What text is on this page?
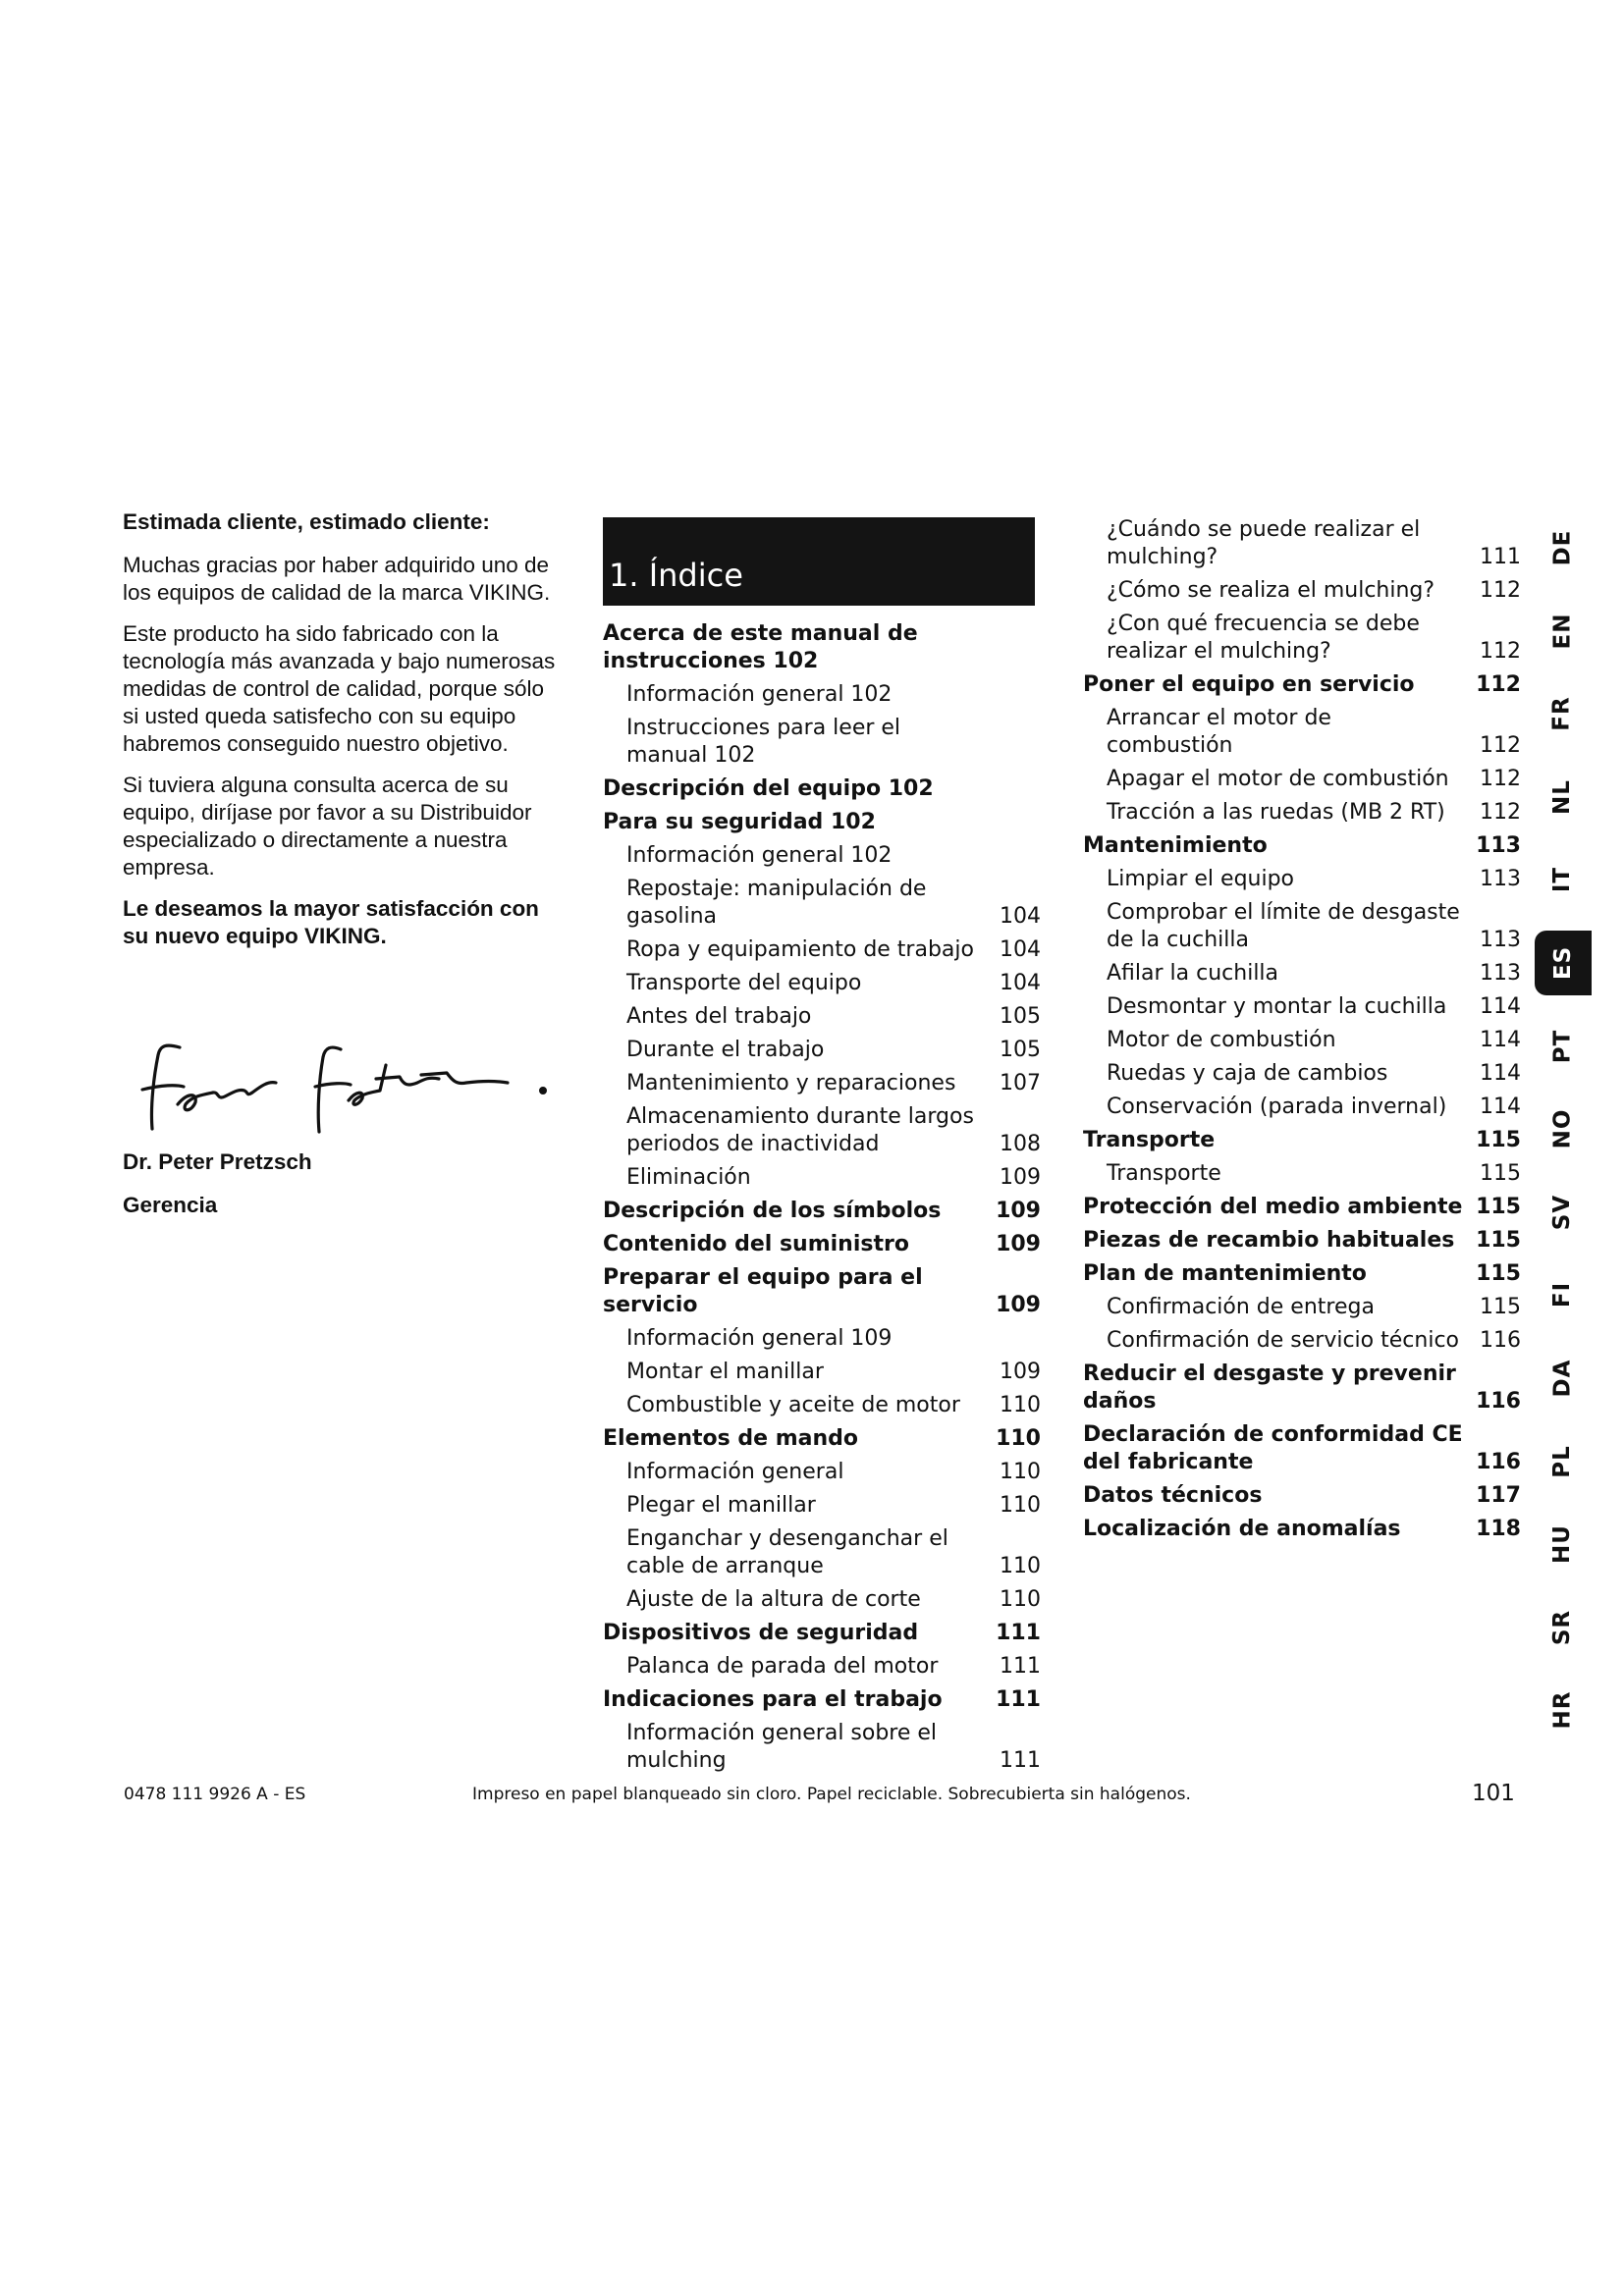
Estimada cliente, estimado cliente:

Muchas gracias por haber adquirido uno de los equipos de calidad de la marca VIKING.

Este producto ha sido fabricado con la tecnología más avanzada y bajo numerosas medidas de control de calidad, porque sólo si usted queda satisfecho con su equipo habremos conseguido nuestro objetivo.

Si tuviera alguna consulta acerca de su equipo, diríjase por favor a su Distribuidor especializado o directamente a nuestra empresa.

Le deseamos la mayor satisfacción con su nuevo equipo VIKING.

Dr. Peter Pretzsch
Gerencia
1. Índice
Acerca de este manual de instrucciones 102
Información general 102
Instrucciones para leer el manual 102
Descripción del equipo 102
Para su seguridad 102
Información general 102
Repostaje: manipulación de gasolina	104
Ropa y equipamiento de trabajo	104
Transporte del equipo	104
Antes del trabajo	105
Durante el trabajo	105
Mantenimiento y reparaciones	107
Almacenamiento durante largos periodos de inactividad	108
Eliminación	109
Descripción de los símbolos	109
Contenido del suministro	109
Preparar el equipo para el servicio	109
Información general 109
Montar el manillar	109
Combustible y aceite de motor	110
Elementos de mando	110
Información general	110
Plegar el manillar	110
Enganchar y desenganchar el cable de arranque	110
Ajuste de la altura de corte	110
Dispositivos de seguridad	111
Palanca de parada del motor	111
Indicaciones para el trabajo	111
Información general sobre el mulching	111
¿Cuándo se puede realizar el mulching?	111
¿Cómo se realiza el mulching?	112
¿Con qué frecuencia se debe realizar el mulching?	112
Poner el equipo en servicio	112
Arrancar el motor de combustión	112
Apagar el motor de combustión	112
Tracción a las ruedas (MB 2 RT)	112
Mantenimiento	113
Limpiar el equipo	113
Comprobar el límite de desgaste de la cuchilla	113
Afilar la cuchilla	113
Desmontar y montar la cuchilla	114
Motor de combustión	114
Ruedas y caja de cambios	114
Conservación (parada invernal)	114
Transporte	115
Transporte	115
Protección del medio ambiente 115
Piezas de recambio habituales 115
Plan de mantenimiento	115
Confirmación de entrega	115
Confirmación de servicio técnico 116
Reducir el desgaste y prevenir daños	116
Declaración de conformidad CE del fabricante	116
Datos técnicos	117
Localización de anomalías	118
DE
EN
FR
NL
IT
ES
PT
NO
SV
FI
DA
PL
HU
SR
HR
0478 111 9926 A - ES	Impreso en papel blanqueado sin cloro. Papel reciclable. Sobrecubierta sin halógenos.	101
